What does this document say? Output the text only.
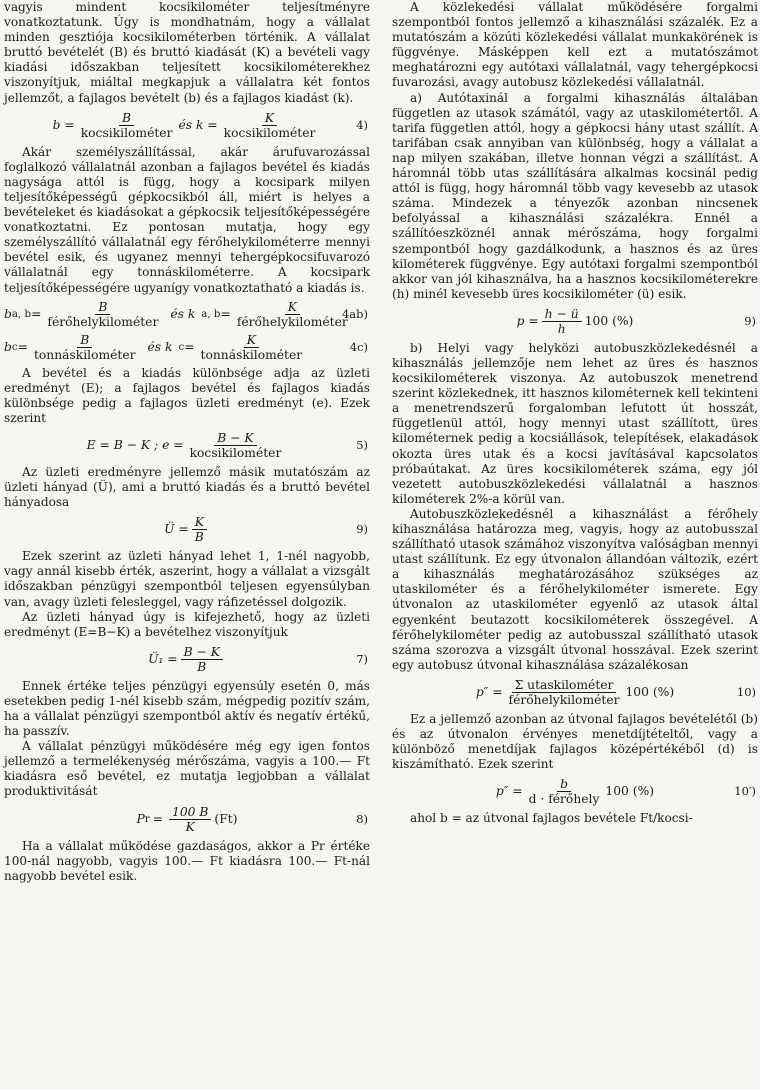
vagyis mindent kocsikilométer teljesítményre vonatkoztatunk. Úgy is mondhatnám, hogy a vállalat minden gesztiója kocsikilométerben történik. A vállalat bruttó bevételét (B) és bruttó kiadását (K) a bevételi vagy kiadási időszakban teljesített kocsikilométerekhez viszonyítjuk, miáltal megkapjuk a vállalatra két fontos jellemzőt, a fajlagos bevételt (b) és a fajlagos kiadást (k).

$b = \frac{B}{\text{kocsikilométer}}$ és $k = \frac{K}{\text{kocsikilométer}}$	4)

Akár személyszállítással, akár árufuvarozással foglalkozó vállalatnál azonban a fajlagos bevétel és kiadás nagysága attól is függ, hogy a kocsipark milyen teljesítőképességű gépkocsikból áll, miért is helyes a bevételeket és kiadásokat a gépkocsik teljesítőképességére vonatkoztatni. Ez pontosan mutatja, hogy egy személyszállító vállalatnál egy férőhelykilométerre mennyi bevétel esik, és ugyanez mennyi tehergépkocsifuvarozó vállalatnál egy tonnáskilométerre. A kocsipark teljesítőképességére ugyanígy vonatkoztatható a kiadás is.

b a, $b = \frac{B}{\text{férőhelykilométer}}$ és k a, $b = \frac{K}{\text{férőhelykilométer}}$
4ab)
b $c = \frac{B}{\text{tonnáskilométer}}$ és k $c = \frac{K}{\text{tonnáskilométer}}$	4c)

A bevétel és a kiadás különbsége adja az üzleti eredményt (E); a fajlagos bevétel és fajlagos kiadás különbsége pedig a fajlagos üzleti eredményt (e). Ezek szerint

E = B − K ; $e = \frac{B - K}{\text{kocsikilométer}}$	5)

Az üzleti eredményre jellemző másik mutatószám az üzleti hányad (Ü), ami a bruttó kiadás és a bruttó bevétel hányadosa

Ü = $\frac{K}{B}$	9)

Ezek szerint az üzleti hányad lehet 1, 1-nél nagyobb, vagy annál kisebb érték, aszerint, hogy a vállalat a vizsgált időszakban pénzügyi szempontból teljesen egyensúlyban van, avagy üzleti felesleggel, vagy ráfizetéssel dolgozik.

Az üzleti hányad úgy is kifejezhető, hogy az üzleti eredményt (E=B−K) a bevételhez viszonyítjuk

Ü₁ = $\frac{B - K}{B}$	7)

Ennek értéke teljes pénzügyi egyensúly esetén 0, más esetekben pedig 1-nél kisebb szám, mégpedig pozitív szám, ha a vállalat pénzügyi szempontból aktív és negatív értékű, ha passzív.

A vállalat pénzügyi működésére még egy igen fontos jellemző a termelékenység mérőszáma, vagyis a 100.— Ft kiadásra eső bevétel, ez mutatja legjobban a vállalat produktivitását

P $r = \frac{100 B}{K} (Ft)$	8)

Ha a vállalat működése gazdaságos, akkor a Pr értéke 100-nál nagyobb, vagyis 100.— Ft kiadásra 100.— Ft-nál nagyobb bevétel esik.

A közlekedési vállalat működésére forgalmi szempontból fontos jellemző a kihasználási százalék. Ez a mutatószám a közúti közlekedési vállalat munkakörének is függvénye. Másképpen kell ezt a mutatószámot meghatározni egy autótaxi vállalatnál, vagy tehergépkocsi fuvarozási, avagy autobusz közlekedési vállalatnál.

a) Autótaxinál a forgalmi kihasználás általában független az utasok számától, vagy az utaskilométertől. A tarifa független attól, hogy a gépkocsi hány utast szállít. A tarifában csak annyiban van különbség, hogy a vállalat a nap milyen szakában, illetve honnan végzi a szállítást. A háromnál több utas szállítására alkalmas kocsinál pedig attól is függ, hogy háromnál több vagy kevesebb az utasok száma. Mindezek a tényezők azonban nincsenek befolyással a kihasználási százalékra. Ennél a szállítóeszköznél annak mérőszáma, hogy forgalmi szempontból hogy gazdálkodunk, a hasznos és az üres kilométerek függvénye. Egy autótaxi forgalmi szempontból akkor van jól kihasználva, ha a hasznos kocsikilométerekre (h) minél kevesebb üres kocsikilométer (ü) esik.

$p = \frac{h - ü}{h} 100$ (%)	9)

b) Helyi vagy helyközi autobuszközlekedésnél a kihasználás jellemzője nem lehet az üres és hasznos kocsikilométerek viszonya. Az autobuszok menetrend szerint közlekednek, itt hasznos kilométernek kell tekinteni a menetrendszerű forgalomban lefutott út hosszát, függetlenül attól, hogy mennyi utast szállított, üres kilométernek pedig a kocsiállások, telepítések, elakadások okozta üres utak és a kocsi javításával kapcsolatos próbaútakat. Az üres kocsikilométerek száma, egy jól vezetett autobuszközlekedési vállalatnál a hasznos kilométerek 2%-a körül van.

Autobuszközlekedésnél a kihasználást a férőhely kihasználása határozza meg, vagyis, hogy az autobusszal szállítható utasok számához viszonyítva valóságban mennyi utast szállítunk. Ez egy útvonalon állandóan változik, ezért a kihasználás meghatározásához szükséges az utaskilométer és a férőhelykilométer ismerete. Egy útvonalon az utaskilométer egyenlő az utasok által egyenként beutazott kocsikilométerek összegével. A férőhelykilométer pedig az autobusszal szállítható utasok száma szorozva a vizsgált útvonal hosszával. Ezek szerint egy autobusz útvonal kihasználása százalékosan

$p'' = \frac{\text{Σ utaskilométer}}{\text{férőhelykilométer}} 100$ (%)	10)

Ez a jellemző azonban az útvonal fajlagos bevételétől (b) és az útvonalon érvényes menetdíjtételtől, vagy a különböző menetdíjak fajlagos középértékéből (d) is kiszámítható. Ezek szerint

$p'' = \frac{b}{\text{d · férőhely}} 100$ (%)	10′)

ahol b = az útvonal fajlagos bevétele Ft/kocsi-
